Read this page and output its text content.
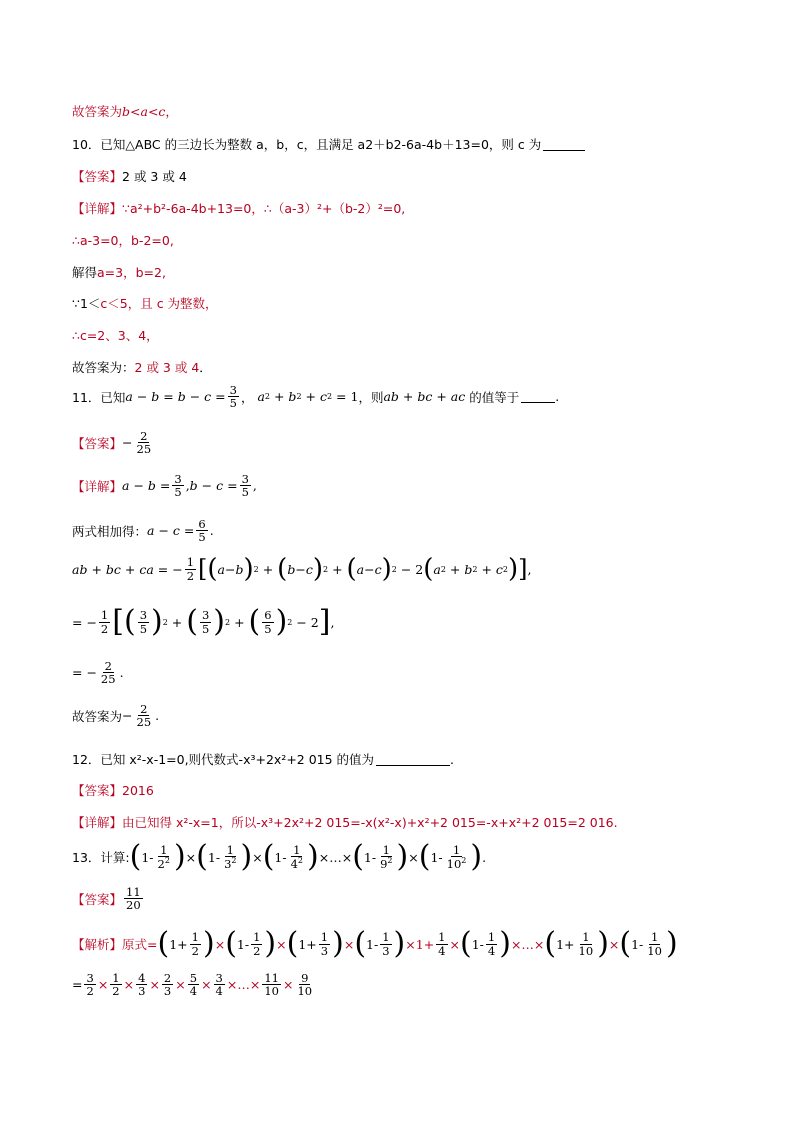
故答案为 b<a<c ，
10．已知△ABC 的三边长为整数 a，b，c，且满足 a2＋b2-6a-4b＋13=0，则 c 为
【答案】 2 或 3 或 4
【详解】 ∵a²+b²-6a-4b+13=0，∴（a-3）²+（b-2）²=0,
∴a-3=0，b-2=0,
解得 a=3，b=2,
∵1＜ c＜5，且 c 为整数，
∴c=2、3、4，
故答案为： 2 或 3 或 4 ．
11．已知 $a - b = b - c = \frac{3}{5}$ ， a 2 + b 2 + c 2 = 1 ，则 ab + bc + ac
的值等于	.
【答案】 − $\frac{2}{25}$
【详解】 $a - b = \frac{3}{5}$ , $b - c = \frac{3}{5}$ ,
两式相加得： $a - c = \frac{6}{5}$ .
ab + bc + ca = − $\frac{1}{2}$ [ ( a − b ) 2 + ( b − c ) 2 + ( a − c ) 2 − 2 ( a 2 + b 2 + c 2 ) ] ,
= − $\frac{1}{2}$ [ ( $\frac{3}{5}$ ) 2 + ( $\frac{3}{5}$ ) 2 + ( $\frac{6}{5}$ ) 2 − 2 ] ,
= − $\frac{2}{25}$ .
故答案为 − $\frac{2}{25}$ .
12．已知 x²-x-1=0,则代数式-x³+2x²+2 015 的值为	.
【答案】 2016
【详解】 由已知得 x²-x=1，所以-x³+2x²+2 015=-x(x²-x)+x²+2 015=-x+x²+2 015=2 016.
13．计算: ( $1- \frac{1}{2^2}$ ) × ( $1- \frac{1}{3^2}$ ) × ( $1- \frac{1}{4^2}$ ) ×…× ( $1- \frac{1}{9^2}$ ) × ( $1- \frac{1}{10^2}$ ) .
【答案】 $\frac{11}{20}$
【解析】 原式= ( $1+ \frac{1}{2}$ ) × ( $1- \frac{1}{2}$ ) × ( $1+ \frac{1}{3}$ ) × ( $1- \frac{1}{3}$ ) $\times 1+ \frac{1}{4}$ × ( $1- \frac{1}{4}$ ) ×…× ( $1+ \frac{1}{10}$ ) × ( $1- \frac{1}{10}$ )
= $\frac{3}{2} \times \frac{1}{2} \times \frac{4}{3} \times \frac{2}{3} \times \frac{5}{4} \times \frac{3}{4}$ ×…× $\frac{11}{10} \times \frac{9}{10}$
